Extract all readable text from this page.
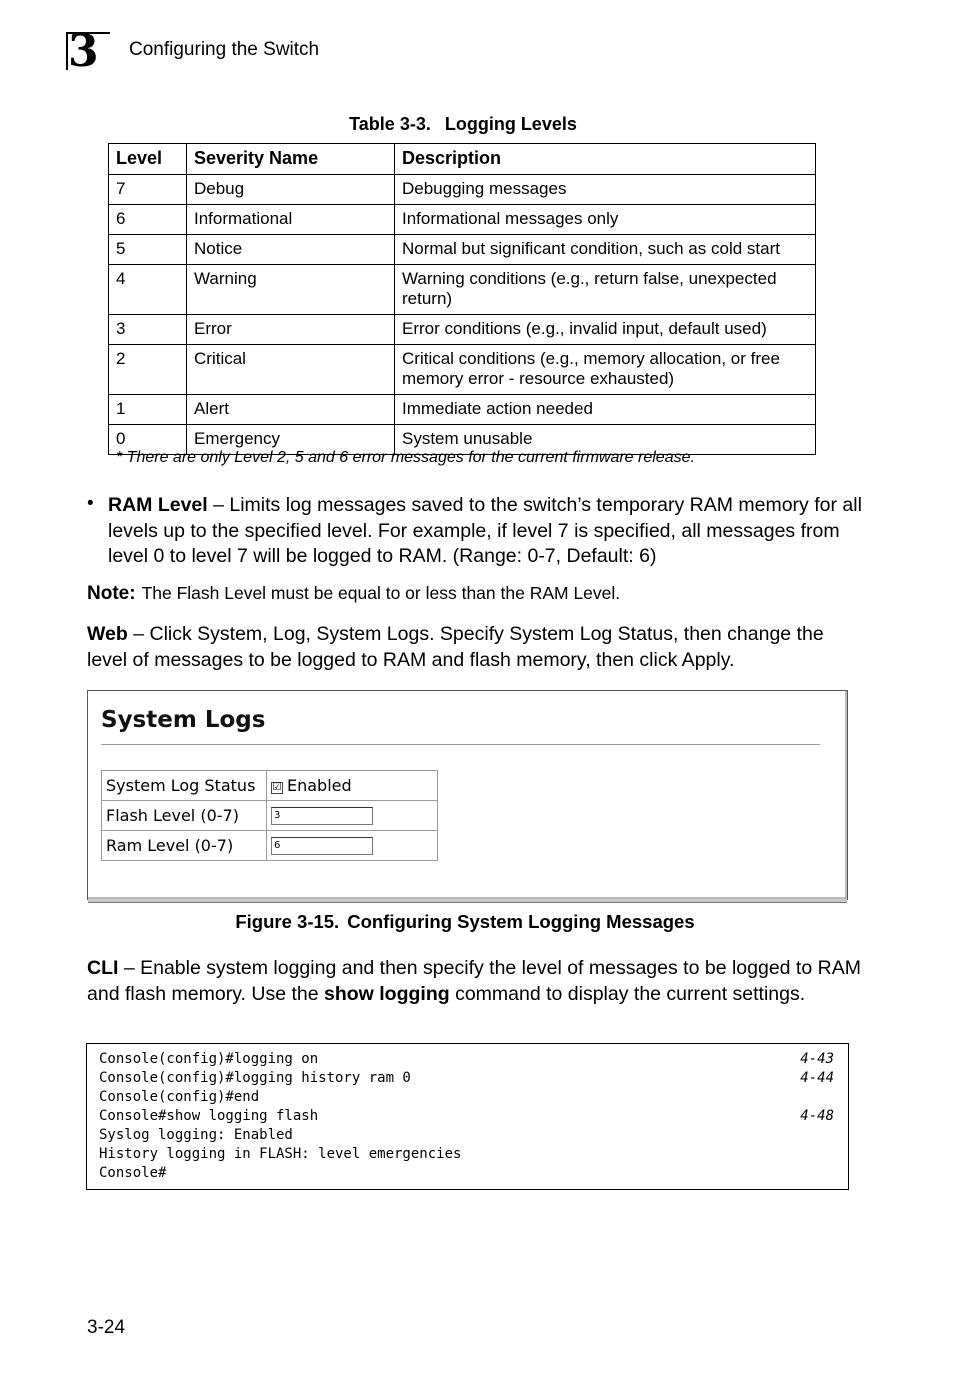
3 Configuring the Switch
Table 3-3. Logging Levels
Level	Severity Name	Description
7	Debug	Debugging messages
6	Informational	Informational messages only
5	Notice	Normal but significant condition, such as cold start
4	Warning	Warning conditions (e.g., return false, unexpected return)
3	Error	Error conditions (e.g., invalid input, default used)
2	Critical	Critical conditions (e.g., memory allocation, or free memory error - resource exhausted)
1	Alert	Immediate action needed
0	Emergency	System unusable
* There are only Level 2, 5 and 6 error messages for the current firmware release.
• RAM Level – Limits log messages saved to the switch’s temporary RAM memory for all levels up to the specified level. For example, if level 7 is specified, all messages from level 0 to level 7 will be logged to RAM. (Range: 0-7, Default: 6)
Note: The Flash Level must be equal to or less than the RAM Level.
Web – Click System, Log, System Logs. Specify System Log Status, then change the level of messages to be logged to RAM and flash memory, then click Apply.
System Logs
System Log Status	☑ Enabled
Flash Level (0-7)	3
Ram Level (0-7)	6
Figure 3-15. Configuring System Logging Messages
CLI – Enable system logging and then specify the level of messages to be logged to RAM and flash memory. Use the show logging command to display the current settings.
Console(config)#logging on	4-43
Console(config)#logging history ram 0	4-44
Console(config)#end
Console#show logging flash	4-48
Syslog logging: Enabled
History logging in FLASH: level emergencies
Console#
3-24
